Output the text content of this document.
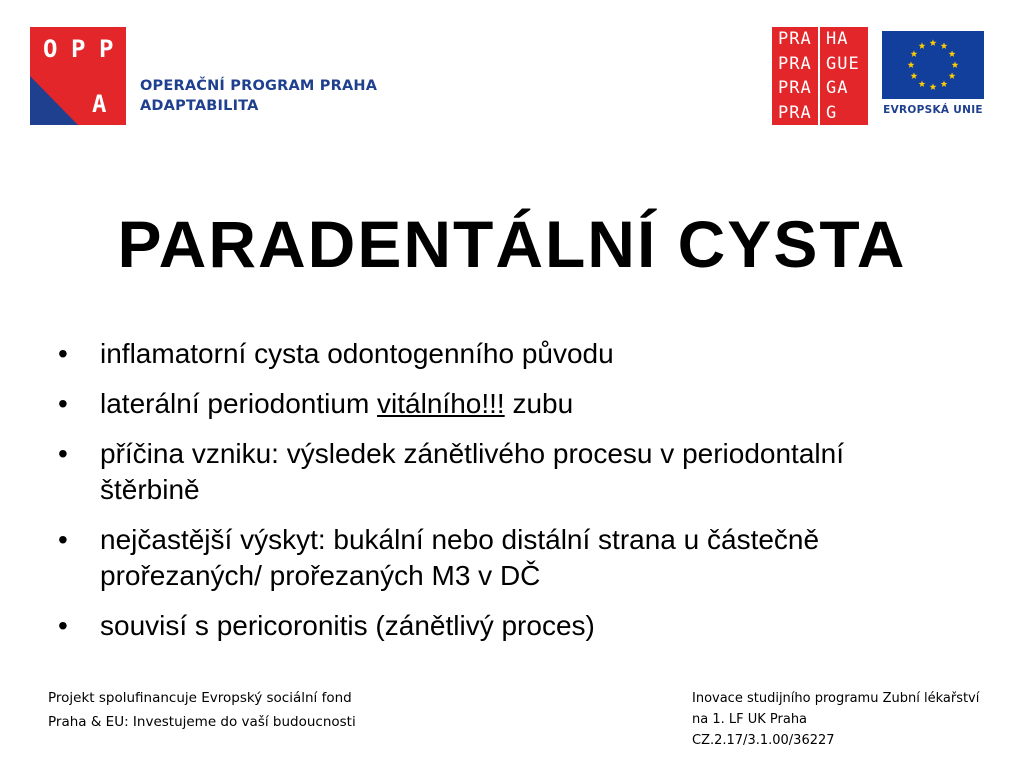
O P P
A
OPERAČNÍ PROGRAM PRAHA
ADAPTABILITA
PRA HA
PRA GUE
PRA GA
PRA G	EVROPSKÁ UNIE
PARADENTÁLNÍ CYSTA
• inflamatorní cysta odontogenního původu
• laterální periodontium vitálního!!! zubu
• příčina vzniku: výsledek zánětlivého procesu v periodontalní štěrbině
• nejčastější výskyt: bukální nebo distální strana u částečně prořezaných/ prořezaných M3 v DČ
• souvisí s pericoronitis (zánětlivý proces)
Projekt spolufinancuje Evropský sociální fond
Praha & EU: Investujeme do vaší budoucnosti
Inovace studijního programu Zubní lékařství
na 1. LF UK Praha
CZ.2.17/3.1.00/36227
